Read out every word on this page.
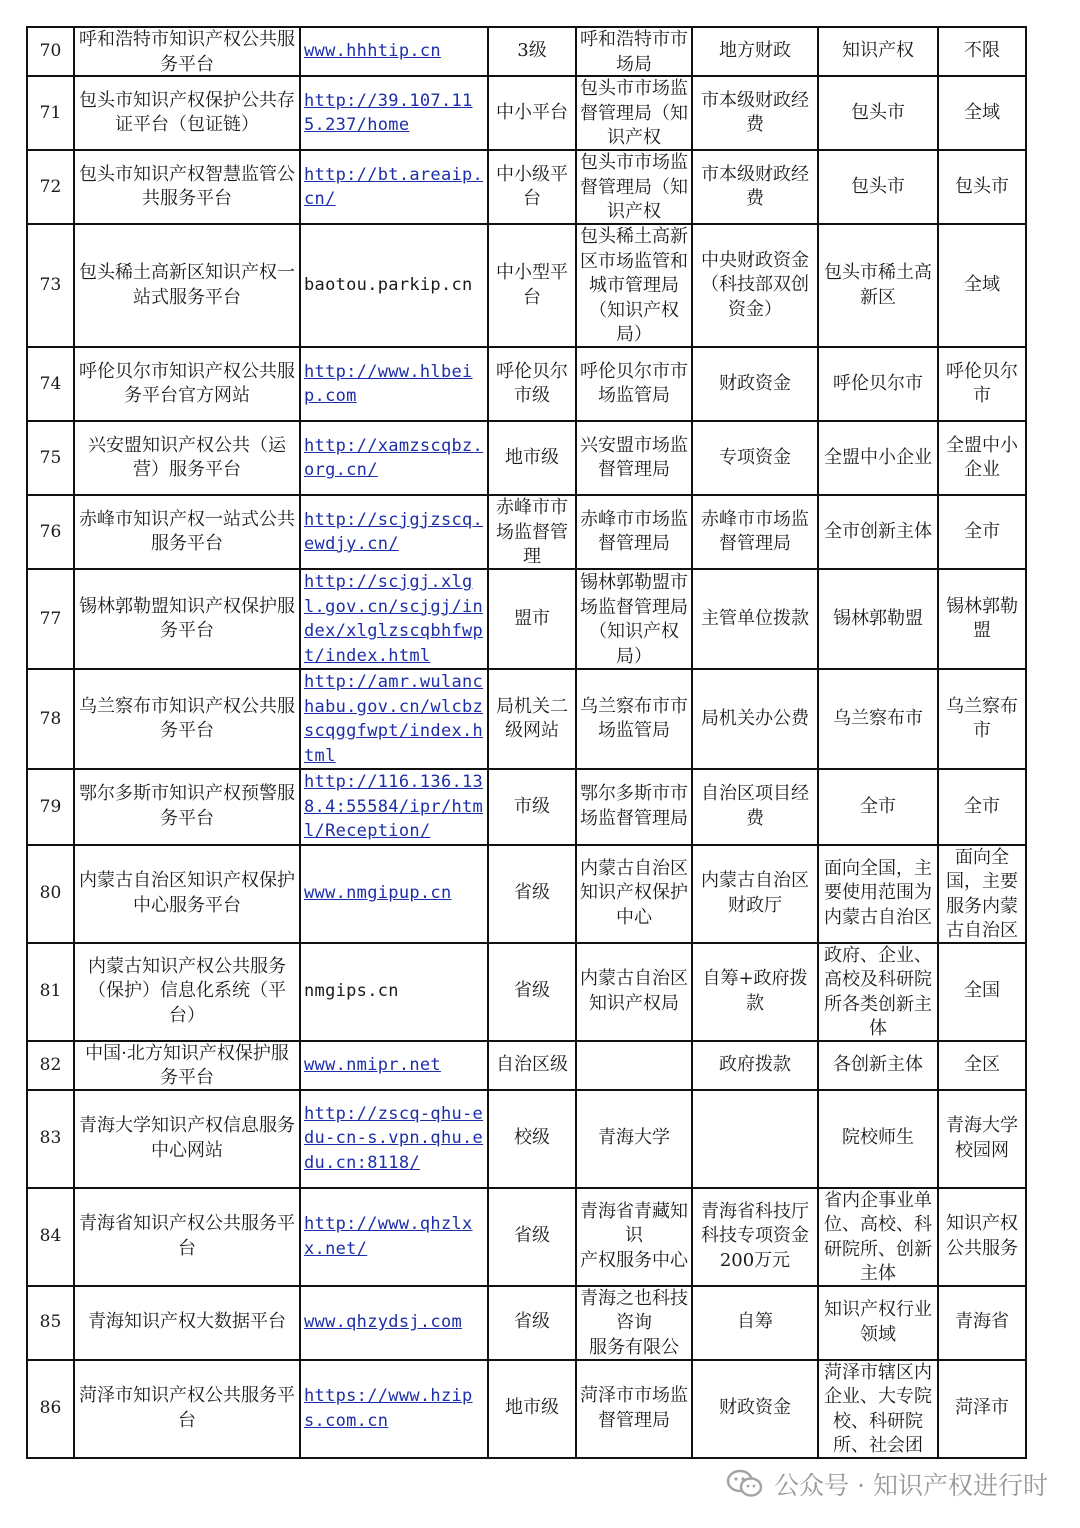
70	呼和浩特市知识产权公共服务平台	www.hhhtip.cn	3级	呼和浩特市市场局	地方财政	知识产权	不限

71	包头市知识产权保护公共存证平台（包证链）	http://39.107.115.237/home	中小平台	包头市市场监督管理局（知识产权	市本级财政经费	包头市	全域

72	包头市知识产权智慧监管公共服务平台	http://bt.areaip.cn/	中小级平台	包头市市场监督管理局（知识产权	市本级财政经费	包头市	包头市

73	包头稀土高新区知识产权一站式服务平台	baotou.parkip.cn	中小型平台	包头稀土高新区市场监管和城市管理局（知识产权局）	中央财政资金（科技部双创资金）	包头市稀土高新区	全域

74	呼伦贝尔市知识产权公共服务平台官方网站	http://www.hlbeip.com	呼伦贝尔市级	呼伦贝尔市市场监管局	财政资金	呼伦贝尔市	呼伦贝尔市

75	兴安盟知识产权公共（运营）服务平台	http://xamzscqbz.org.cn/	地市级	兴安盟市场监督管理局	专项资金	全盟中小企业	全盟中小企业

76	赤峰市知识产权一站式公共服务平台	http://scjgjzscq.ewdjy.cn/	赤峰市市场监督管理	赤峰市市场监督管理局	赤峰市市场监督管理局	全市创新主体	全市

77	锡林郭勒盟知识产权保护服务平台	http://scjgj.xlgl.gov.cn/scjgj/index/xlglzscqbhfwpt/index.html	盟市	锡林郭勒盟市场监督管理局（知识产权局）	主管单位拨款	锡林郭勒盟	锡林郭勒盟

78	乌兰察布市知识产权公共服务平台	http://amr.wulanchabu.gov.cn/wlcbzscqggfwpt/index.html	局机关二级网站	乌兰察布市市场监管局	局机关办公费	乌兰察布市	乌兰察布市

79	鄂尔多斯市知识产权预警服务平台	http://116.136.138.4:55584/ipr/html/Reception/	市级	鄂尔多斯市市场监督管理局	自治区项目经费	全市	全市

80	内蒙古自治区知识产权保护中心服务平台	www.nmgipup.cn	省级	内蒙古自治区知识产权保护中心	内蒙古自治区财政厅	面向全国，主要使用范围为内蒙古自治区	面向全国，主要服务内蒙古自治区

81	内蒙古知识产权公共服务（保护）信息化系统（平台）	nmgips.cn	省级	内蒙古自治区
知识产权局	自筹+政府拨款	政府、企业、高校及科研院所各类创新主体	全国

82	中国·北方知识产权保护服务平台	www.nmipr.net	自治区级		政府拨款	各创新主体	全区

83	青海大学知识产权信息服务中心网站	http://zscq-qhu-edu-cn-s.vpn.qhu.edu.cn:8118/	校级	青海大学		院校师生	青海大学校园网

84	青海省知识产权公共服务平台	http://www.qhzlxx.net/	省级	青海省青藏知识
产权服务中心	青海省科技厅科技专项资金200万元	省内企事业单位、高校、科研院所、创新主体	知识产权公共服务

85	青海知识产权大数据平台	www.qhzydsj.com	省级	青海之也科技咨询
服务有限公	自筹	知识产权行业领域	青海省

86	菏泽市知识产权公共服务平台	https://www.hzips.com.cn	地市级	菏泽市市场监督管理局	财政资金	菏泽市辖区内企业、大专院校、科研院所、社会团	菏泽市
公众号 · 知识产权进行时
